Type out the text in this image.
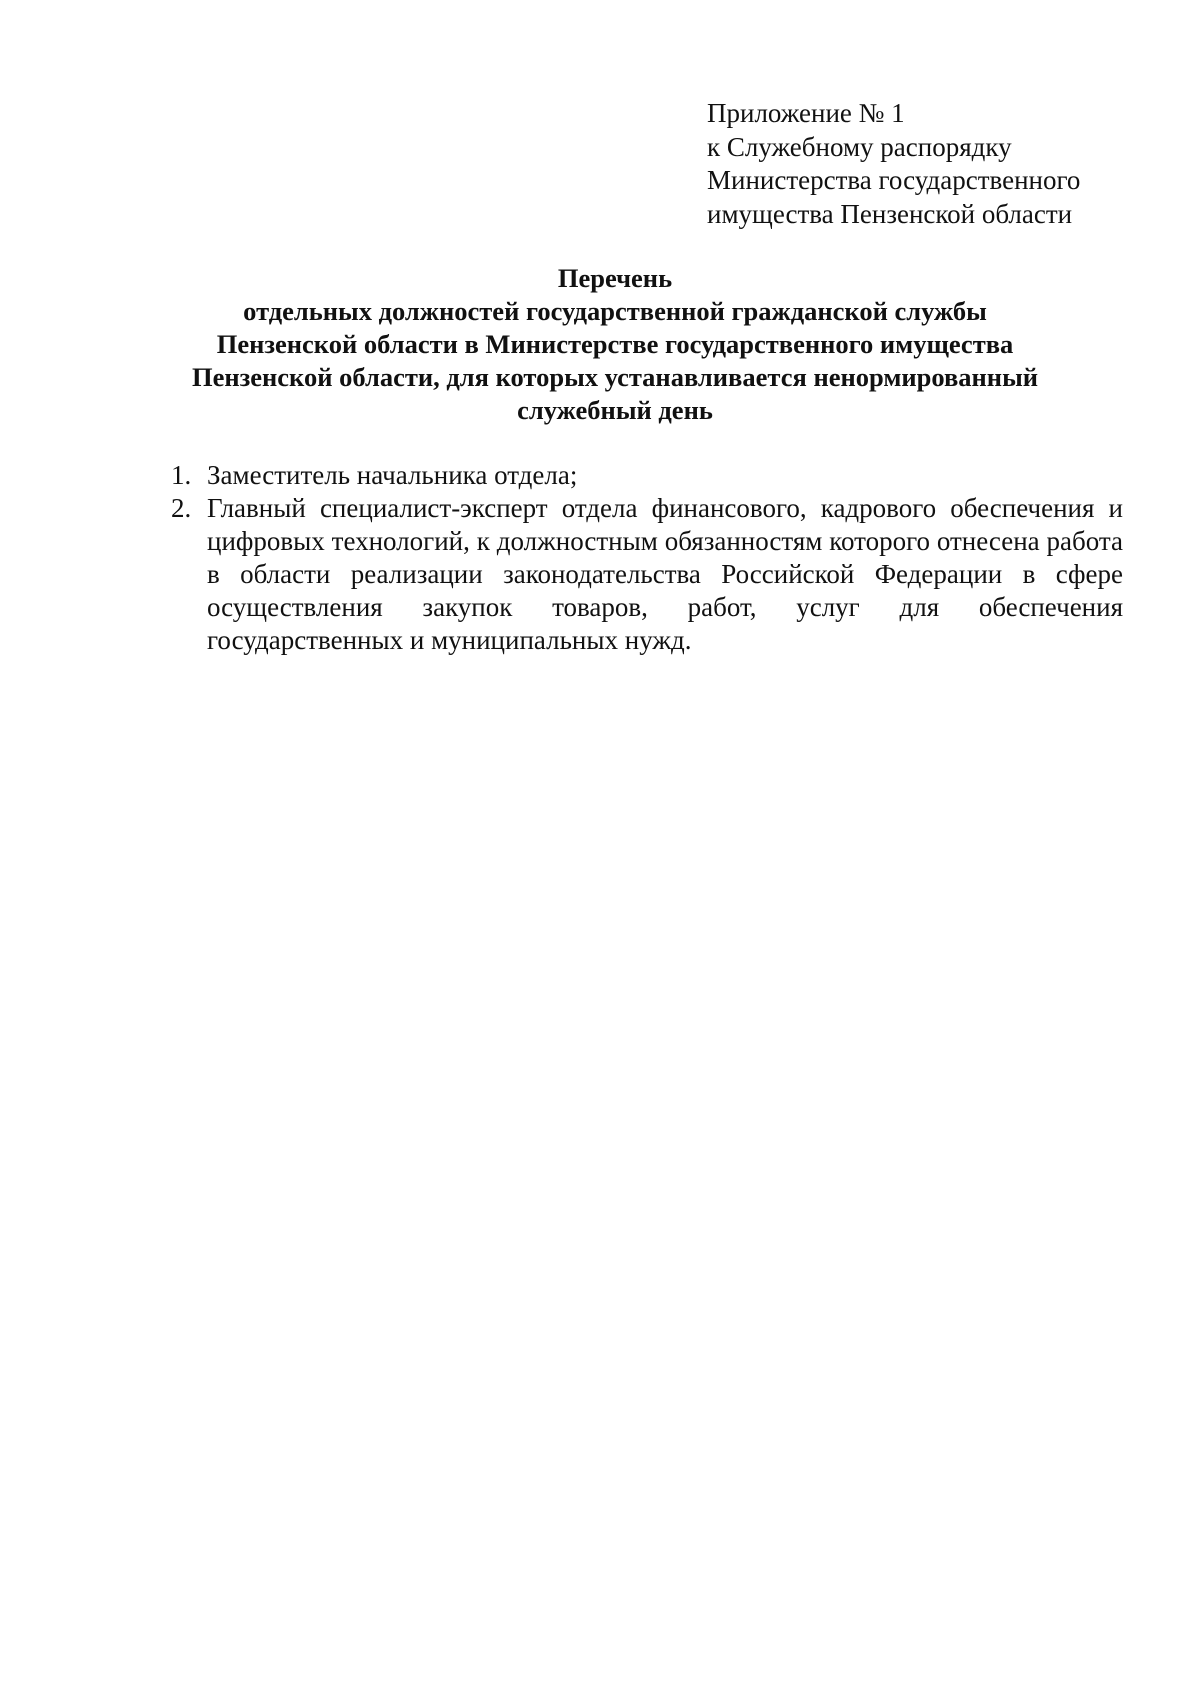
Приложение № 1
к Служебному распорядку
Министерства государственного
имущества Пензенской области
Перечень
отдельных должностей государственной гражданской службы
Пензенской области в Министерстве государственного имущества
Пензенской области, для которых устанавливается ненормированный
служебный день
1. Заместитель начальника отдела;
2. Главный специалист-эксперт отдела финансового, кадрового обеспечения и цифровых технологий, к должностным обязанностям которого отнесена работа в области реализации законодательства Российской Федерации в сфере осуществления закупок товаров, работ, услуг для обеспечения государственных и муниципальных нужд.
